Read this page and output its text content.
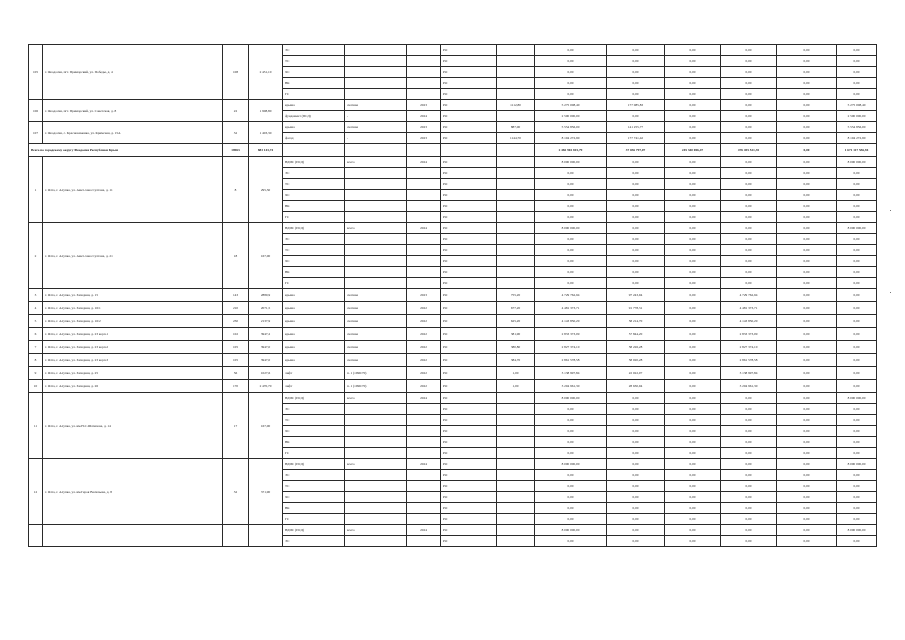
105	г. Феодосия, пгт. Приморский, ул. Победы, д. 4	108	2 431,10	ЭС			РО		0,00	0,00	0,00	0,00	0,00	0,00
				ТС			РО		0,00	0,00	0,00	0,00	0,00	0,00
				ХС			РО		0,00	0,00	0,00	0,00	0,00	0,00
				ВК			РО		0,00	0,00	0,00	0,00	0,00	0,00
				ГС			РО		0,00	0,00	0,00	0,00	0,00	0,00
106	г. Феодосия, пгт. Приморский, ул. Советская, д. 8	22	1 908,80	крыша	скатная	2023	РО	1112,80	5 275 008,40	177 085,83	0,00	0,00	0,00	5 275 008,40
				фундамент (ПСД)	-	2024	РО		2 500 000,00	0,00	0,00	0,00	0,00	2 500 000,00
107	г. Феодосия, с. Краснокаменка, ул. Кримская, д. 15А	32	1 403,30	крыша	скатная	2023	РО	887,00	5 554 856,00	141 255,77	0,00	0,00	0,00	5 554 856,00
				фасад	-	2023	РО	1144,70	8 104 272,90	177 741,42	0,00	0,00	0,00	8 104 272,90
Всего по городскому округу Феодосия Республики Крым		18963	883 143,74						2 482 902 815,79	37 036 797,07	245 340 696,47	476 455 521,35	0,00	1 671 117 556,94
1	г. Ялта, г. Алупка, ул. Амет-хана Султана, д. 11	8	295,30	ВДИС (ПСД)	всего	2024	РО		8 000 000,00	0,00	0,00	0,00	0,00	8 000 000,00
				ЭС			РО		0,00	0,00	0,00	0,00	0,00	0,00
				ТС			РО		0,00	0,00	0,00	0,00	0,00	0,00
				ХС			РО		0,00	0,00	0,00	0,00	0,00	0,00
				ВК			РО		0,00	0,00	0,00	0,00	0,00	0,00
				ГС			РО		0,00	0,00	0,00	0,00	0,00	0,00
2	г. Ялта, г. Алупка, ул. Амет-хана Султана, д. 21	18	167,00	ВДИС (ПСД)	всего	2024	РО		8 000 000,00	0,00	0,00	0,00	0,00	8 000 000,00
				ЭС			РО		0,00	0,00	0,00	0,00	0,00	0,00
				ТС			РО		0,00	0,00	0,00	0,00	0,00	0,00
				ХС			РО		0,00	0,00	0,00	0,00	0,00	0,00
				ВК			РО		0,00	0,00	0,00	0,00	0,00	0,00
				ГС			РО		0,00	0,00	0,00	0,00	0,00	0,00
3	г. Ялта, г. Алупка, ул. Западная, д. 15	143	2880,9	крыша	скатная	2023	РО	755,20	4 729 762,94	97 243,94	0,00	4 729 762,94	0,00	0,00
4	г. Ялта, г. Алупка, ул. Западная, д. 16/1	210	2071,5	крыша	скатная	2022	РО	677,20	4 481 373,71	91 778,31	0,00	4 481 373,71	0,00	0,00
5	г. Ялта, г. Алупка, ул. Западная, д. 16/2	230	2137,9	крыша	скатная	2022	РО	625,20	4 143 850,20	58 214,70	0,00	4 143 850,20	0,00	0,00
6	г. Ялта, г. Алупка, ул. Западная, д. 23 корп.1	102	3947,2	крыша	скатная	2022	РО	381,90	2 833 373,09	57 844,20	0,00	2 833 373,09	0,00	0,00
7	г. Ялта, г. Алупка, ул. Западная, д. 23 корп.2	105	3947,0	крыша	скатная	2022	РО	380,80	2 827 374,10	58 226,28	0,00	2 827 374,10	0,00	0,00
8	г. Ялта, г. Алупка, ул. Западная, д. 23 корп.3	105	3947,0	крыша	скатная	2022	РО	384,70	2 861 578,58	58 020,28	0,00	2 861 578,58	0,00	0,00
9	г. Ялта, г. Алупка, ул. Западная, д. 25	56	1027,6	лифт	п. 1 (1996/70)	2022	РО	1,00	3 138 997,84	22 022,07	0,00	3 138 997,84	0,00	0,00
10	г. Ялта, г. Алупка, ул. Западная, д. 26	170	2 470,70	лифт	п. 1 (1996/70)	2022	РО	1,00	3 204 961,30	28 630,94	0,00	3 204 961,30	0,00	0,00
11	г. Ялта, г. Алупка, ул. им.Н.С.Шатилова, д. 14	17	167,00	ВДИС (ПСД)	всего	2024	РО		8 000 000,00	0,00	0,00	0,00	0,00	8 000 000,00
				ЭС			РО		0,00	0,00	0,00	0,00	0,00	0,00
				ТС			РО		0,00	0,00	0,00	0,00	0,00	0,00
				ХС			РО		0,00	0,00	0,00	0,00	0,00	0,00
				ВК			РО		0,00	0,00	0,00	0,00	0,00	0,00
				ГС			РО		0,00	0,00	0,00	0,00	0,00	0,00
12	г. Ялта, г. Алупка, ул. им.Героя Васильева, д. 8	32	371,90	ВДИС (ПСД)	всего	2024	РО		8 000 000,00	0,00	0,00	0,00	0,00	8 000 000,00
				ЭС			РО		0,00	0,00	0,00	0,00	0,00	0,00
				ТС			РО		0,00	0,00	0,00	0,00	0,00	0,00
				ХС			РО		0,00	0,00	0,00	0,00	0,00	0,00
				ВК			РО		0,00	0,00	0,00	0,00	0,00	0,00
				ГС			РО		0,00	0,00	0,00	0,00	0,00	0,00
				ВДИС (ПСД)	всего	2024	РО		8 000 000,00	0,00	0,00	0,00	0,00	8 000 000,00
				ЭС			РО		0,00	0,00	0,00	0,00	0,00	0,00
